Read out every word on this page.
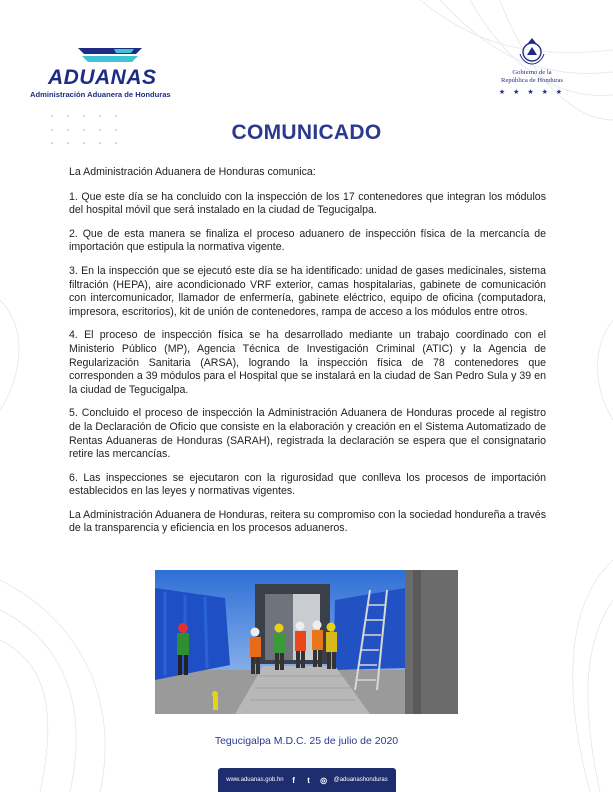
ADUANAS
Administración Aduanera de Honduras
Gobierno de la
República de Honduras
★ ★ ★ ★ ★
COMUNICADO

La Administración Aduanera de Honduras comunica:

1. Que este día se ha concluido con la inspección de los 17 contenedores que integran los módulos del hospital móvil que será instalado en la ciudad de Tegucigalpa.

2. Que de esta manera se finaliza el proceso aduanero de inspección física de la mercancía de importación que estipula la normativa vigente.

3. En la inspección que se ejecutó este día se ha identificado: unidad de gases medicinales, sistema filtración (HEPA), aire acondicionado VRF exterior, camas hospitalarias, gabinete de comunicación con intercomunicador, llamador de enfermería, gabinete eléctrico, equipo de oficina (computadora, impresora, escritorios), kit de unión de contenedores, rampa de acceso a los módulos entre otros.

4. El proceso de inspección física se ha desarrollado mediante un trabajo coordinado con el Ministerio Público (MP), Agencia Técnica de Investigación Criminal (ATIC) y la Agencia de Regularización Sanitaria (ARSA), logrando la inspección física de 78 contenedores que corresponden a 39 módulos para el Hospital que se instalará en la ciudad de San Pedro Sula y 39 en la ciudad de Tegucigalpa.

5. Concluido el proceso de inspección la Administración Aduanera de Honduras procede al registro de la Declaración de Oficio que consiste en la elaboración y creación en el Sistema Automatizado de Rentas Aduaneras de Honduras (SARAH), registrada la declaración se espera que el consignatario retire las mercancías.

6. Las inspecciones se ejecutaron con la rigurosidad que conlleva los procesos de importación establecidos en las leyes y normativas vigentes.

La Administración Aduanera de Honduras, reitera su compromiso con la sociedad hondureña a través de la transparencia y eficiencia en los procesos aduaneros.

Tegucigalpa M.D.C. 25 de julio de 2020
www.aduanas.gob.hn	f	t	◎ @aduanashonduras
